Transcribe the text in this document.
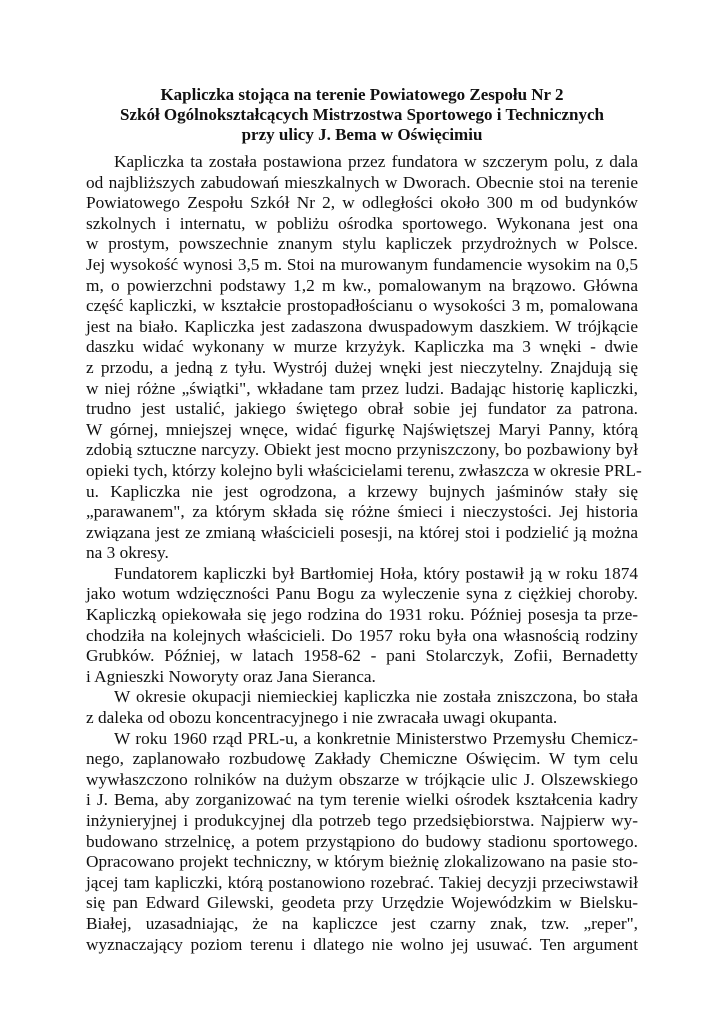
Kapliczka stojąca na terenie Powiatowego Zespołu Nr 2
Szkół Ogólnokształcących Mistrzostwa Sportowego i Technicznych
przy ulicy J. Bema w Oświęcimiu

Kapliczka ta została postawiona przez fundatora w szczerym polu, z dala
od najbliższych zabudowań mieszkalnych w Dworach. Obecnie stoi na terenie
Powiatowego Zespołu Szkół Nr 2, w odległości około 300 m od budynków
szkolnych i internatu, w pobliżu ośrodka sportowego. Wykonana jest ona
w prostym, powszechnie znanym stylu kapliczek przydrożnych w Polsce.
Jej wysokość wynosi 3,5 m. Stoi na murowanym fundamencie wysokim na 0,5
m, o powierzchni podstawy 1,2 m kw., pomalowanym na brązowo. Główna
część kapliczki, w kształcie prostopadłościanu o wysokości 3 m, pomalowana
jest na biało. Kapliczka jest zadaszona dwuspadowym daszkiem. W trójkącie
daszku widać wykonany w murze krzyżyk. Kapliczka ma 3 wnęki - dwie
z przodu, a jedną z tyłu. Wystrój dużej wnęki jest nieczytelny. Znajdują się
w niej różne „świątki", wkładane tam przez ludzi. Badając historię kapliczki,
trudno jest ustalić, jakiego świętego obrał sobie jej fundator za patrona.
W górnej, mniejszej wnęce, widać figurkę Najświętszej Maryi Panny, którą
zdobią sztuczne narcyzy. Obiekt jest mocno przyniszczony, bo pozbawiony był
opieki tych, którzy kolejno byli właścicielami terenu, zwłaszcza w okresie PRL-
u. Kapliczka nie jest ogrodzona, a krzewy bujnych jaśminów stały się
„parawanem", za którym składa się różne śmieci i nieczystości. Jej historia
związana jest ze zmianą właścicieli posesji, na której stoi i podzielić ją można
na 3 okresy.

Fundatorem kapliczki był Bartłomiej Hoła, który postawił ją w roku 1874
jako wotum wdzięczności Panu Bogu za wyleczenie syna z ciężkiej choroby.
Kapliczką opiekowała się jego rodzina do 1931 roku. Później posesja ta prze-
chodziła na kolejnych właścicieli. Do 1957 roku była ona własnością rodziny
Grubków. Później, w latach 1958-62 - pani Stolarczyk, Zofii, Bernadetty
i Agnieszki Noworyty oraz Jana Sieranca.

W okresie okupacji niemieckiej kapliczka nie została zniszczona, bo stała
z daleka od obozu koncentracyjnego i nie zwracała uwagi okupanta.

W roku 1960 rząd PRL-u, a konkretnie Ministerstwo Przemysłu Chemicz-
nego, zaplanowało rozbudowę Zakłady Chemiczne Oświęcim. W tym celu
wywłaszczono rolników na dużym obszarze w trójkącie ulic J. Olszewskiego
i J. Bema, aby zorganizować na tym terenie wielki ośrodek kształcenia kadry
inżynieryjnej i produkcyjnej dla potrzeb tego przedsiębiorstwa. Najpierw wy-
budowano strzelnicę, a potem przystąpiono do budowy stadionu sportowego.
Opracowano projekt techniczny, w którym bieżnię zlokalizowano na pasie sto-
jącej tam kapliczki, którą postanowiono rozebrać. Takiej decyzji przeciwstawił
się pan Edward Gilewski, geodeta przy Urzędzie Wojewódzkim w Bielsku-
Białej, uzasadniając, że na kapliczce jest czarny znak, tzw. „reper",
wyznaczający poziom terenu i dlatego nie wolno jej usuwać. Ten argument
